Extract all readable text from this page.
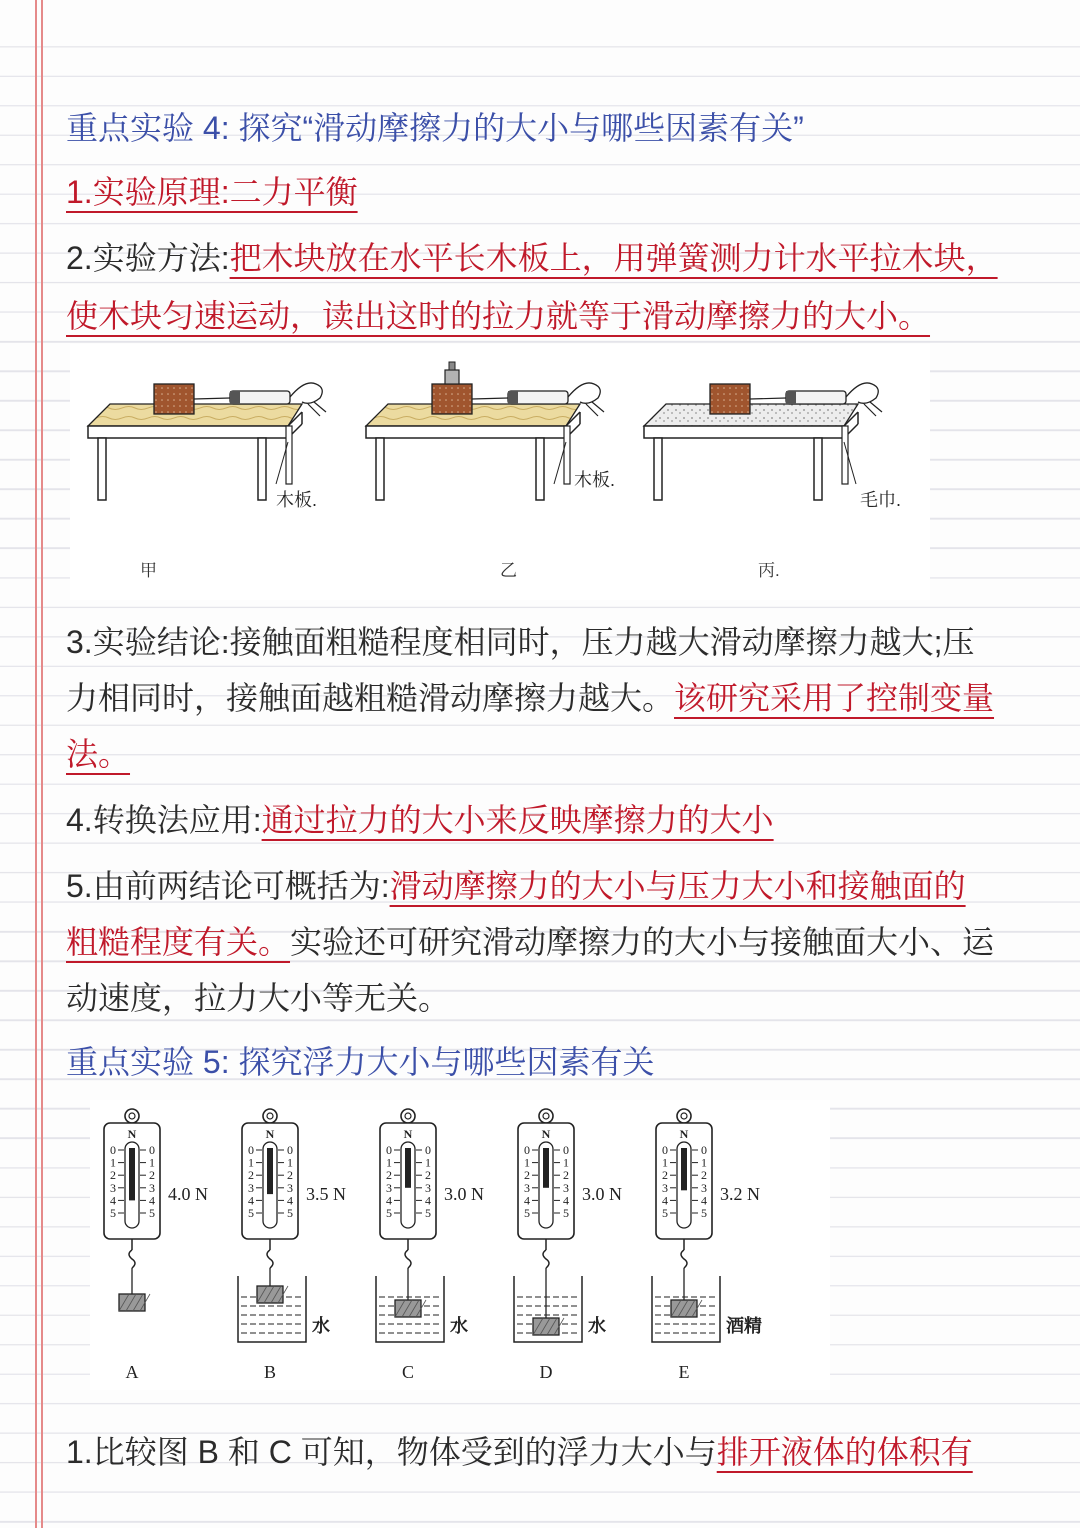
重点实验 4: 探究“滑动摩擦力的大小与哪些因素有关”
1.实验原理:二力平衡
2.实验方法:把木块放在水平长木板上，用弹簧测力计水平拉木块，
使木块匀速运动，读出这时的拉力就等于滑动摩擦力的大小。
木板.
甲
木板.
乙
毛巾.
丙.
3.实验结论:接触面粗糙程度相同时，压力越大滑动摩擦力越大;压
力相同时，接触面越粗糙滑动摩擦力越大。该研究采用了控制变量
法。
4.转换法应用:通过拉力的大小来反映摩擦力的大小
5.由前两结论可概括为:滑动摩擦力的大小与压力大小和接触面的
粗糙程度有关。实验还可研究滑动摩擦力的大小与接触面大小、运
动速度，拉力大小等无关。
重点实验 5: 探究浮力大小与哪些因素有关
N
0	0
1	1
2	2
3	3
4	4
5	5
4.0 N
A
N
0	0
1	1
2	2
3	3
4	4
5	5
3.5 N
水
B
N
0	0
1	1
2	2
3	3
4	4
5	5
3.0 N
水
C
N
0	0
1	1
2	2
3	3
4	4
5	5
3.0 N
水
D
N
0	0
1	1
2	2
3	3
4	4
5	5
3.2 N
酒精
E
1.比较图 B 和 C 可知，物体受到的浮力大小与排开液体的体积有
